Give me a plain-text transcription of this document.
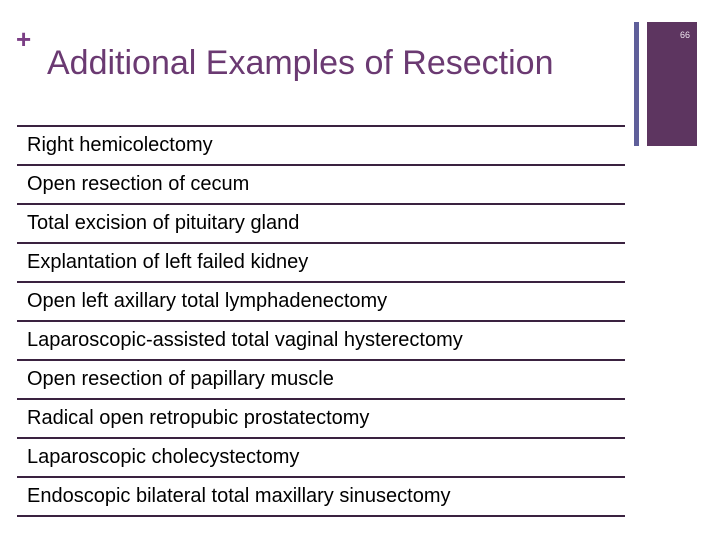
+
Additional Examples of Resection
66
Right hemicolectomy
Open resection of cecum
Total excision of pituitary gland
Explantation of left failed kidney
Open left axillary total lymphadenectomy
Laparoscopic-assisted total vaginal hysterectomy
Open resection of papillary muscle
Radical open retropubic prostatectomy
Laparoscopic cholecystectomy
Endoscopic bilateral total maxillary sinusectomy
